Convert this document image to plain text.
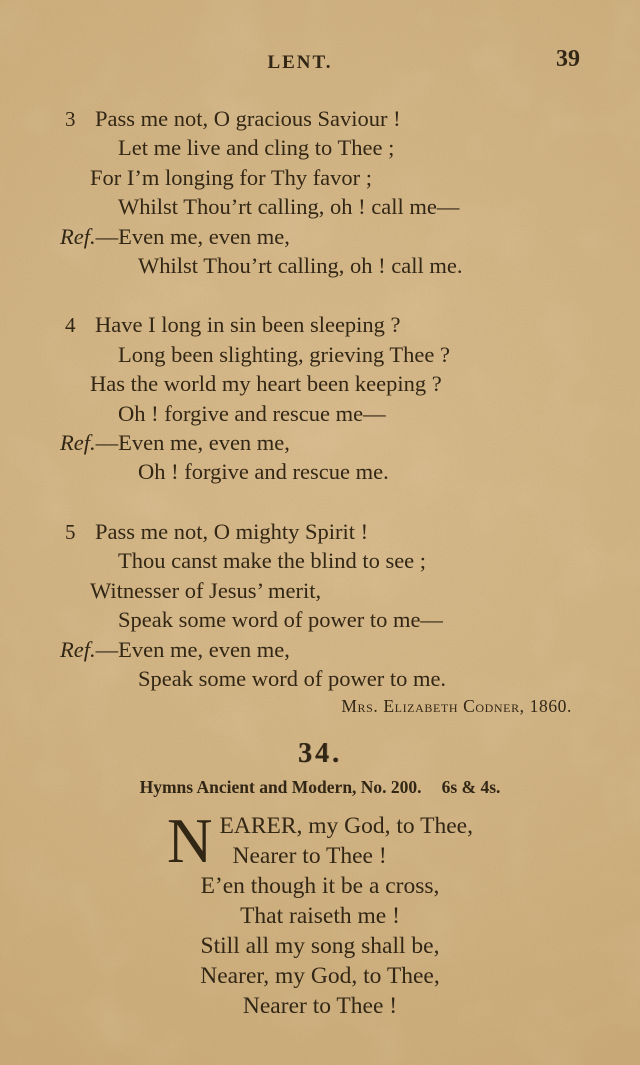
LENT.	39
3 Pass me not, O gracious Saviour !
Let me live and cling to Thee ;
For I’m longing for Thy favor ;
Whilst Thou’rt calling, oh ! call me—
Ref.—Even me, even me,
Whilst Thou’rt calling, oh ! call me.
4 Have I long in sin been sleeping ?
Long been slighting, grieving Thee ?
Has the world my heart been keeping ?
Oh ! forgive and rescue me—
Ref.—Even me, even me,
Oh ! forgive and rescue me.
5 Pass me not, O mighty Spirit !
Thou canst make the blind to see ;
Witnesser of Jesus’ merit,
Speak some word of power to me—
Ref.—Even me, even me,
Speak some word of power to me.
Mrs. Elizabeth Codner, 1860.
34.
Hymns Ancient and Modern, No. 200. 6s & 4s.
N EARER, my God, to Thee,
Nearer to Thee !
E’en though it be a cross,
That raiseth me !
Still all my song shall be,
Nearer, my God, to Thee,
Nearer to Thee !
